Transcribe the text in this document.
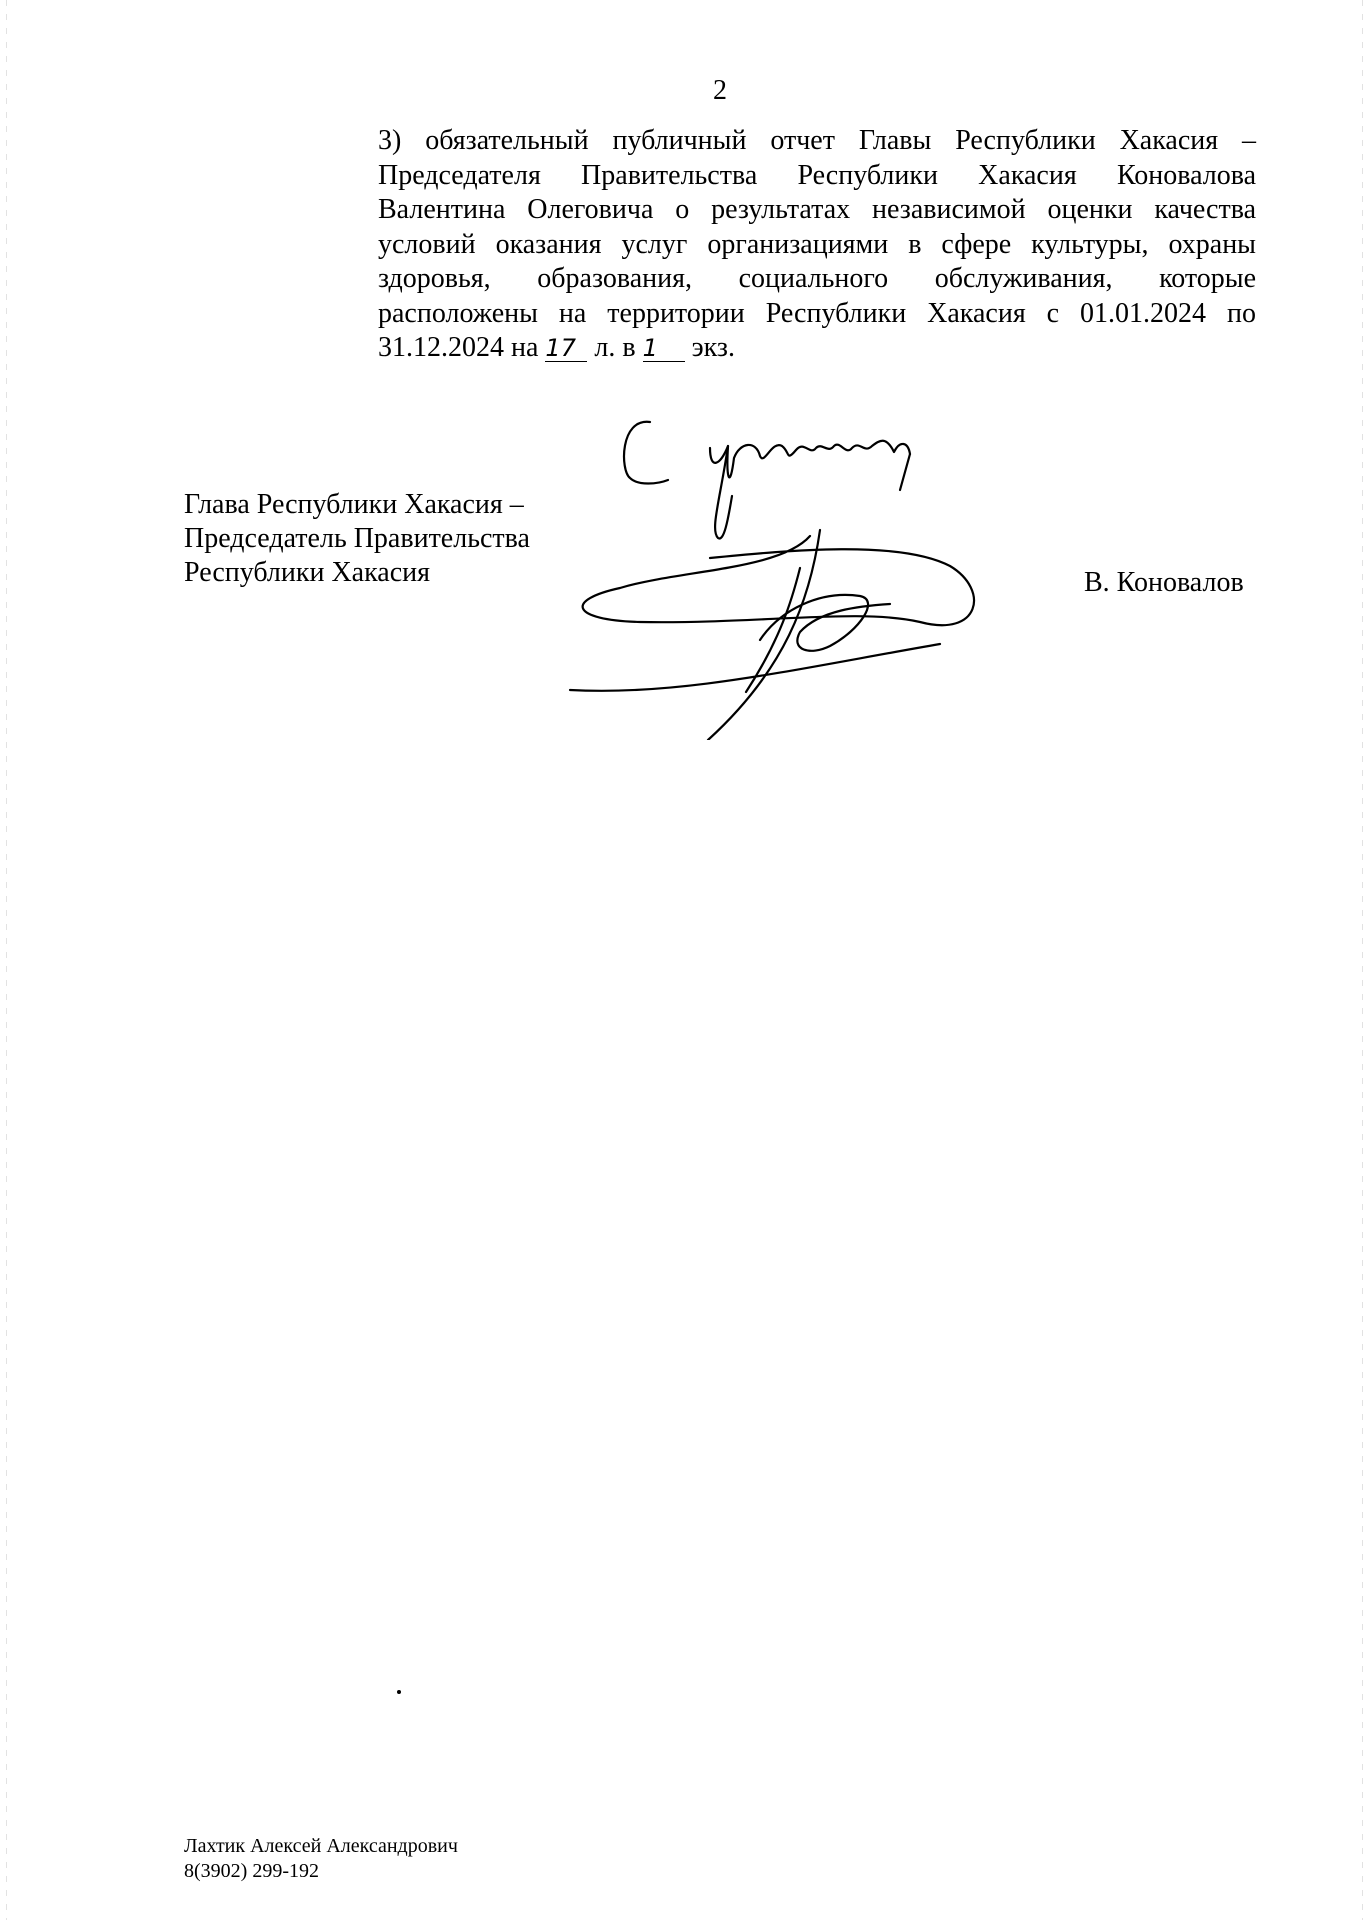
2
3) обязательный публичный отчет Главы Республики Хакасия –
Председателя Правительства Республики Хакасия Коновалова
Валентина Олеговича о результатах независимой оценки качества
условий оказания услуг организациями в сфере культуры, охраны
здоровья, образования, социального обслуживания, которые
расположены на территории Республики Хакасия с 01.01.2024 по
31.12.2024 на 17 л. в 1 экз.
Глава Республики Хакасия –
Председатель Правительства
Республики Хакасия	В. Коновалов
Лахтик Алексей Александрович
8(3902) 299-192
